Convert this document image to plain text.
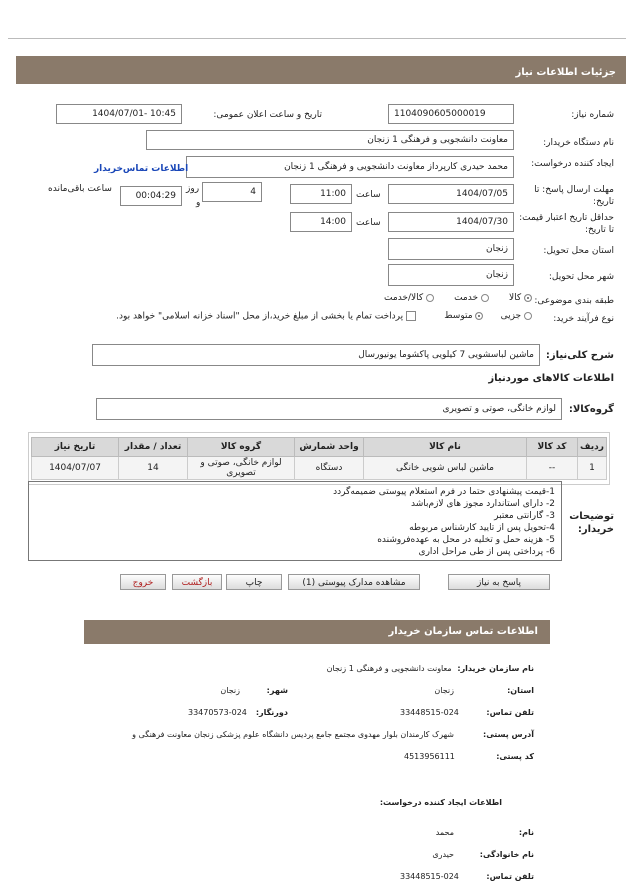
جزئیات اطلاعات نیاز
شماره نیاز:
1104090605000019
تاریخ و ساعت اعلان عمومی:
1404/07/01- 10:45
نام دستگاه خریدار:
معاونت دانشجویی و فرهنگی 1 زنجان
ایجاد کننده درخواست:
محمد حیدری کارپرداز معاونت دانشجویی و فرهنگی 1 زنجان
اطلاعات تماس‌خریدار
مهلت ارسال پاسخ: تا تاریخ:
1404/07/05
ساعت
11:00
4
روز
و
00:04:29
ساعت باقی‌مانده
حداقل تاریخ اعتبار قیمت: تا تاریخ:
1404/07/30
ساعت
14:00
استان محل تحویل:
زنجان
شهر محل تحویل:
زنجان
طبقه بندی موضوعی:
کالا        خدمت        کالا/خدمت
نوع فرآیند خرید:
جزیی       متوسط
پرداخت تمام یا بخشی از مبلغ خرید،از محل "اسناد خزانه اسلامی" خواهد بود.
شرح کلی‌نیاز:
ماشین لباسشویی 7 کیلویی پاکشوما یونیورسال
اطلاعات کالاهای موردنیاز
گروه‌کالا:
لوازم خانگی، صوتی و تصویری
ردیف	کد کالا	نام کالا	واحد شمارش	گروه کالا	تعداد / مقدار	تاریخ نیاز
1	--	ماشین لباس شویی خانگی	دستگاه	لوازم خانگی، صوتی و تصویری	14	1404/07/07
توضیحات خریدار:
1-قیمت پیشنهادی حتما در فرم استعلام پیوستی ضمیمه‌گردد
2- دارای استاندارد مجوز های لازم‌باشد
3- گارانتی معتبر
4-تحویل پس از تایید کارشناس مربوطه
5- هزینه حمل و تخلیه در محل به عهده‌فروشنده
6- پرداختی پس از طی مراحل اداری
پاسخ به نیاز
مشاهده مدارک پیوستی (1)
چاپ
بازگشت
خروج
اطلاعات تماس سازمان خریدار
نام سازمان خریدار:  معاونت دانشجویی و فرهنگی 1 زنجان
استان:
زنجان
شهر:
زنجان
تلفن تماس:
33448515-024
دورنگار:
33470573-024
آدرس پستی:
شهرک کارمندان بلوار مهدوی مجتمع جامع پردیس دانشگاه علوم پزشکی زنجان معاونت فرهنگی و
کد پستی:
4513956111
اطلاعات ایجاد کننده درخواست:
نام:
محمد
نام خانوادگی:
حیدری
تلفن تماس:
33448515-024
